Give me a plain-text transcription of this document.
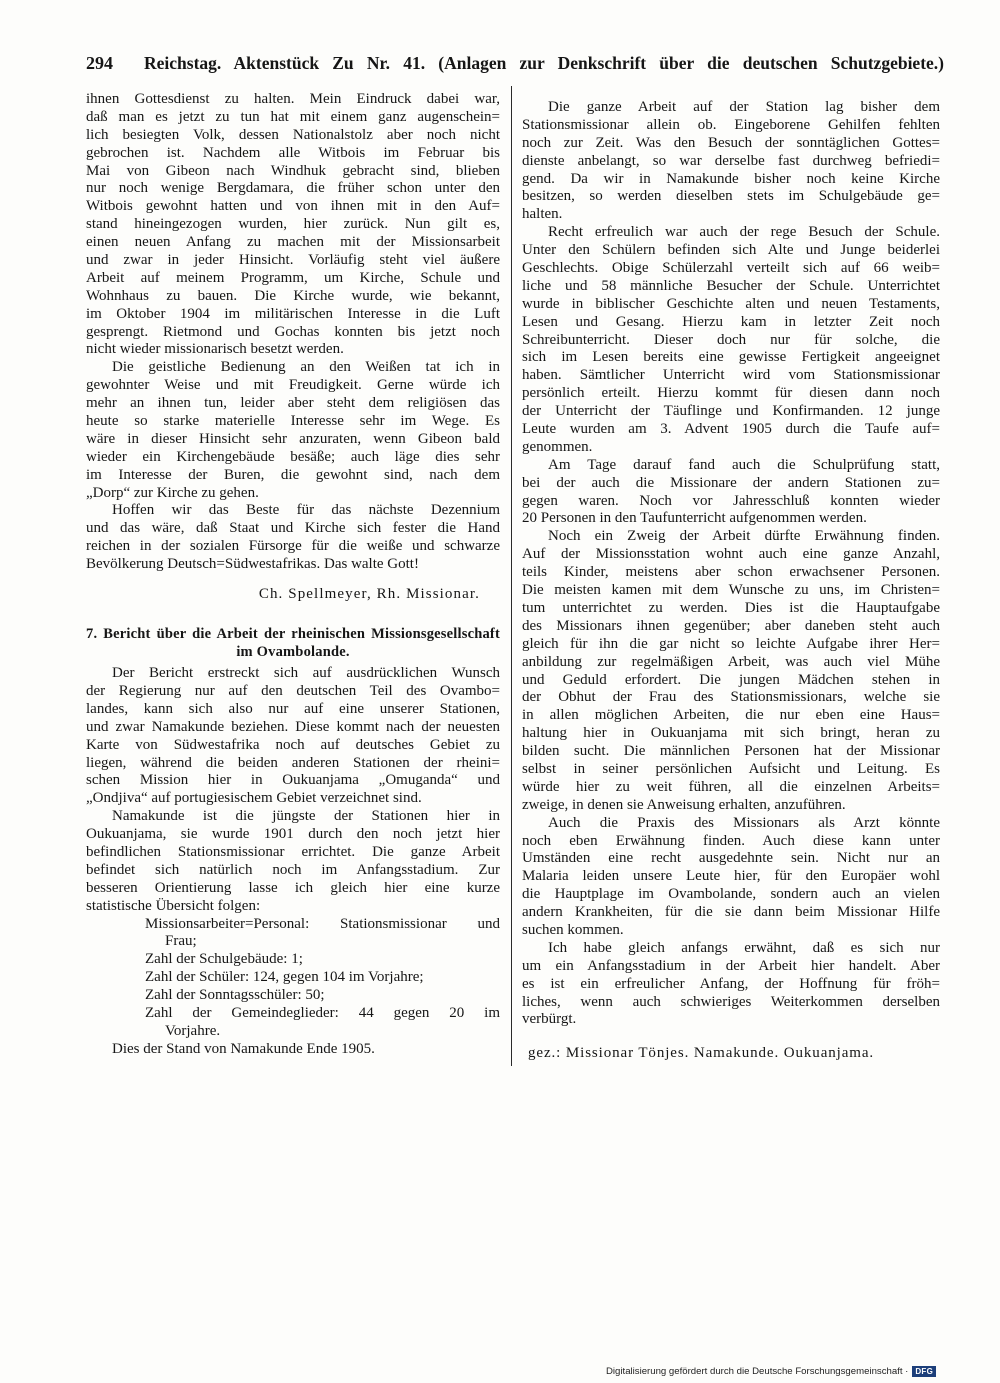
294	Reichstag. Aktenstück Zu Nr. 41. (Anlagen zur Denkschrift über die deutschen Schutzgebiete.)
ihnen Gottesdienst zu halten. Mein Eindruck dabei war,
daß man es jetzt zu tun hat mit einem ganz augenschein=
lich besiegten Volk, dessen Nationalstolz aber noch nicht
gebrochen ist. Nachdem alle Witbois im Februar bis
Mai von Gibeon nach Windhuk gebracht sind, blieben
nur noch wenige Bergdamara, die früher schon unter den
Witbois gewohnt hatten und von ihnen mit in den Auf=
stand hineingezogen wurden, hier zurück. Nun gilt es,
einen neuen Anfang zu machen mit der Missionsarbeit
und zwar in jeder Hinsicht. Vorläufig steht viel äußere
Arbeit auf meinem Programm, um Kirche, Schule und
Wohnhaus zu bauen. Die Kirche wurde, wie bekannt,
im Oktober 1904 im militärischen Interesse in die Luft
gesprengt. Rietmond und Gochas konnten bis jetzt noch
nicht wieder missionarisch besetzt werden.
Die geistliche Bedienung an den Weißen tat ich in
gewohnter Weise und mit Freudigkeit. Gerne würde ich
mehr an ihnen tun, leider aber steht dem religiösen das
heute so starke materielle Interesse sehr im Wege. Es
wäre in dieser Hinsicht sehr anzuraten, wenn Gibeon bald
wieder ein Kirchengebäude besäße; auch läge dies sehr
im Interesse der Buren, die gewohnt sind, nach dem
„Dorp“ zur Kirche zu gehen.
Hoffen wir das Beste für das nächste Dezennium
und das wäre, daß Staat und Kirche sich fester die Hand
reichen in der sozialen Fürsorge für die weiße und schwarze
Bevölkerung Deutsch=Südwestafrikas. Das walte Gott!
Ch. Spellmeyer, Rh. Missionar.
7. Bericht über die Arbeit der rheinischen Missionsgesellschaft
im Ovambolande.
Der Bericht erstreckt sich auf ausdrücklichen Wunsch
der Regierung nur auf den deutschen Teil des Ovambo=
landes, kann sich also nur auf eine unserer Stationen,
und zwar Namakunde beziehen. Diese kommt nach der neuesten
Karte von Südwestafrika noch auf deutsches Gebiet zu
liegen, während die beiden anderen Stationen der rheini=
schen Mission hier in Oukuanjama „Omuganda“ und
„Ondjiva“ auf portugiesischem Gebiet verzeichnet sind.
Namakunde ist die jüngste der Stationen hier in
Oukuanjama, sie wurde 1901 durch den noch jetzt hier
befindlichen Stationsmissionar errichtet. Die ganze Arbeit
befindet sich natürlich noch im Anfangsstadium. Zur
besseren Orientierung lasse ich gleich hier eine kurze
statistische Übersicht folgen:
Missionsarbeiter=Personal: Stationsmissionar und
Frau;
Zahl der Schulgebäude: 1;
Zahl der Schüler: 124, gegen 104 im Vorjahre;
Zahl der Sonntagsschüler: 50;
Zahl der Gemeindeglieder: 44 gegen 20 im
Vorjahre.
Dies der Stand von Namakunde Ende 1905.
Die ganze Arbeit auf der Station lag bisher dem
Stationsmissionar allein ob. Eingeborene Gehilfen fehlten
noch zur Zeit. Was den Besuch der sonntäglichen Gottes=
dienste anbelangt, so war derselbe fast durchweg befriedi=
gend. Da wir in Namakunde bisher noch keine Kirche
besitzen, so werden dieselben stets im Schulgebäude ge=
halten.
Recht erfreulich war auch der rege Besuch der Schule.
Unter den Schülern befinden sich Alte und Junge beiderlei
Geschlechts. Obige Schülerzahl verteilt sich auf 66 weib=
liche und 58 männliche Besucher der Schule. Unterrichtet
wurde in biblischer Geschichte alten und neuen Testaments,
Lesen und Gesang. Hierzu kam in letzter Zeit noch
Schreibunterricht. Dieser doch nur für solche, die
sich im Lesen bereits eine gewisse Fertigkeit angeeignet
haben. Sämtlicher Unterricht wird vom Stationsmissionar
persönlich erteilt. Hierzu kommt für diesen dann noch
der Unterricht der Täuflinge und Konfirmanden. 12 junge
Leute wurden am 3. Advent 1905 durch die Taufe auf=
genommen.
Am Tage darauf fand auch die Schulprüfung statt,
bei der auch die Missionare der andern Stationen zu=
gegen waren. Noch vor Jahresschluß konnten wieder
20 Personen in den Taufunterricht aufgenommen werden.
Noch ein Zweig der Arbeit dürfte Erwähnung finden.
Auf der Missionsstation wohnt auch eine ganze Anzahl,
teils Kinder, meistens aber schon erwachsener Personen.
Die meisten kamen mit dem Wunsche zu uns, im Christen=
tum unterrichtet zu werden. Dies ist die Hauptaufgabe
des Missionars ihnen gegenüber; aber daneben steht auch
gleich für ihn die gar nicht so leichte Aufgabe ihrer Her=
anbildung zur regelmäßigen Arbeit, was auch viel Mühe
und Geduld erfordert. Die jungen Mädchen stehen in
der Obhut der Frau des Stationsmissionars, welche sie
in allen möglichen Arbeiten, die nur eben eine Haus=
haltung hier in Oukuanjama mit sich bringt, heran zu
bilden sucht. Die männlichen Personen hat der Missionar
selbst in seiner persönlichen Aufsicht und Leitung. Es
würde hier zu weit führen, all die einzelnen Arbeits=
zweige, in denen sie Anweisung erhalten, anzuführen.
Auch die Praxis des Missionars als Arzt könnte
noch eben Erwähnung finden. Auch diese kann unter
Umständen eine recht ausgedehnte sein. Nicht nur an
Malaria leiden unsere Leute hier, für den Europäer wohl
die Hauptplage im Ovambolande, sondern auch an vielen
andern Krankheiten, für die sie dann beim Missionar Hilfe
suchen kommen.
Ich habe gleich anfangs erwähnt, daß es sich nur
um ein Anfangsstadium in der Arbeit hier handelt. Aber
es ist ein erfreulicher Anfang, der Hoffnung für fröh=
liches, wenn auch schwieriges Weiterkommen derselben
verbürgt.
gez.: Missionar Tönjes. Namakunde. Oukuanjama.
Digitalisierung gefördert durch die Deutsche Forschungsgemeinschaft · DFG
